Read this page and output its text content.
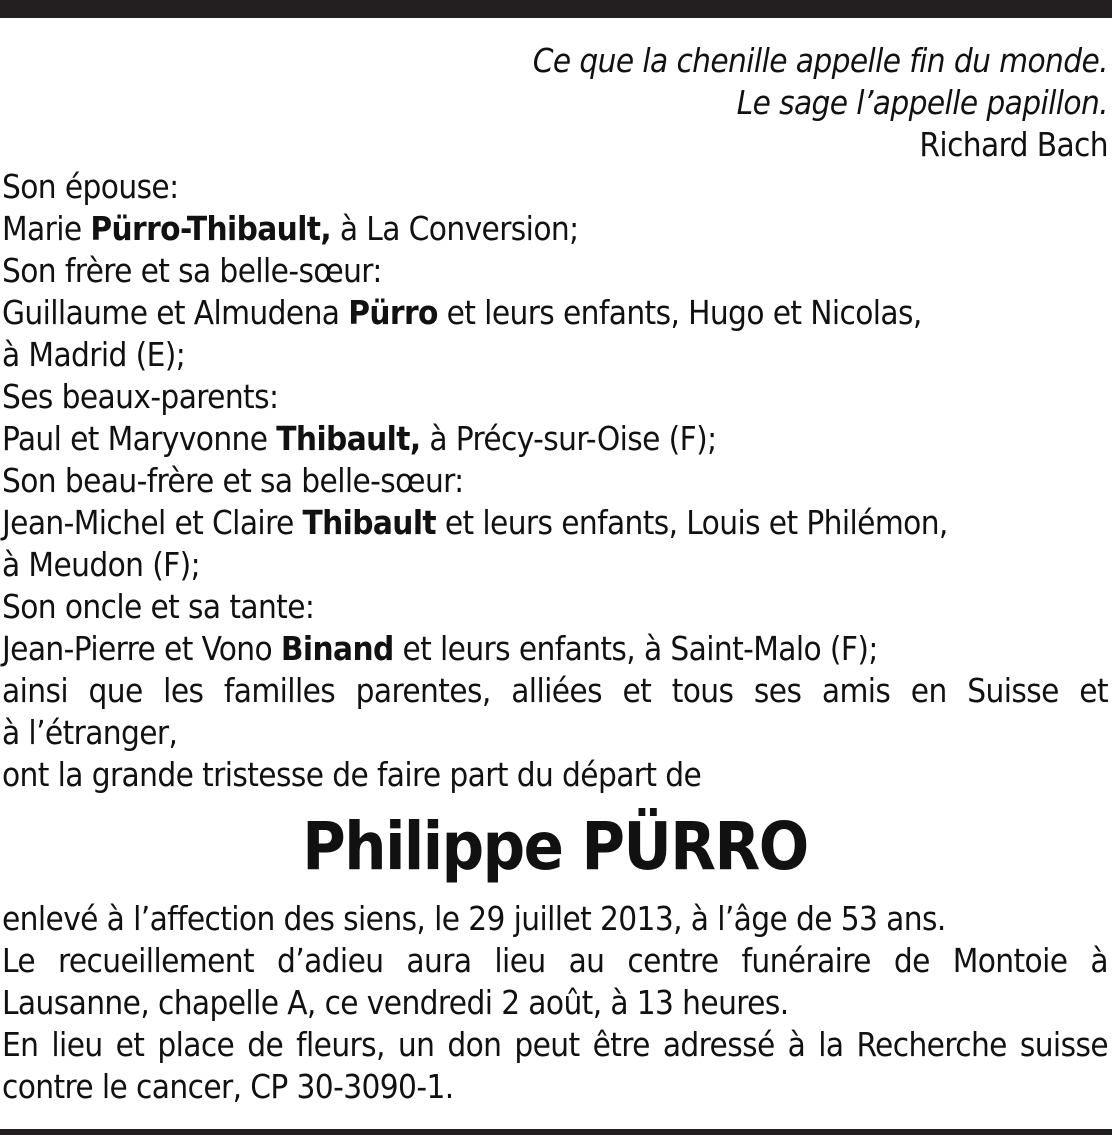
Ce que la chenille appelle fin du monde.
Le sage l’appelle papillon.
Richard Bach
Son épouse:
Marie Pürro-Thibault, à La Conversion;
Son frère et sa belle-sœur:
Guillaume et Almudena Pürro et leurs enfants, Hugo et Nicolas,
à Madrid (E);
Ses beaux-parents:
Paul et Maryvonne Thibault, à Précy-sur-Oise (F);
Son beau-frère et sa belle-sœur:
Jean-Michel et Claire Thibault et leurs enfants, Louis et Philémon,
à Meudon (F);
Son oncle et sa tante:
Jean-Pierre et Vono Binand et leurs enfants, à Saint-Malo (F);
ainsi que les familles parentes, alliées et tous ses amis en Suisse et
à l’étranger,
ont la grande tristesse de faire part du départ de
Philippe PÜRRO
enlevé à l’affection des siens, le 29 juillet 2013, à l’âge de 53 ans.
Le recueillement d’adieu aura lieu au centre funéraire de Montoie à
Lausanne, chapelle A, ce vendredi 2 août, à 13 heures.
En lieu et place de fleurs, un don peut être adressé à la Recherche suisse
contre le cancer, CP 30-3090-1.
